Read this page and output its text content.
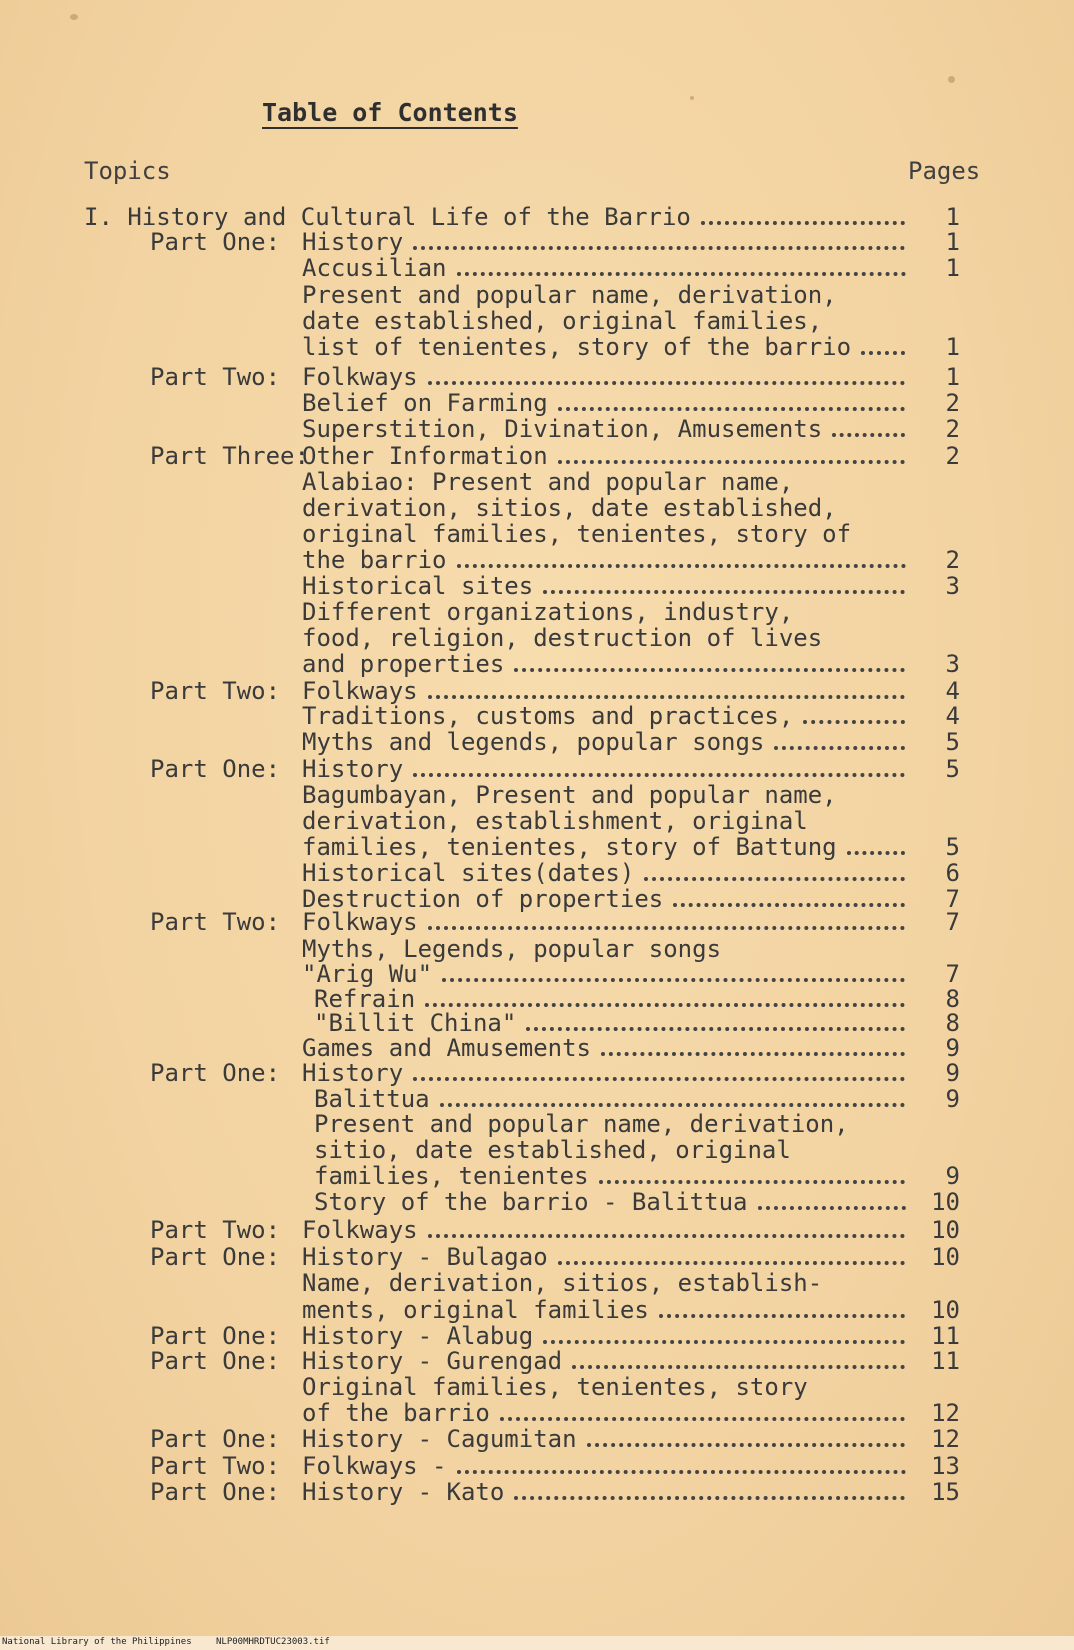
Table of Contents
Topics	Pages
I. History and Cultural Life of the Barrio	1
Part One: History	1
Accusilian	1
Present and popular name, derivation,
date established, original families,
list of tenientes, story of the barrio	1
Part Two: Folkways	1
Belief on Farming	2
Superstition, Divination, Amusements	2
Part Three:
Other Information	2
Alabiao: Present and popular name,
derivation, sitios, date established,
original families, tenientes, story of
the barrio	2
Historical sites	3
Different organizations, industry,
food, religion, destruction of lives
and properties	3
Part Two: Folkways	4
Traditions, customs and practices,	4
Myths and legends, popular songs	5
Part One: History	5
Bagumbayan, Present and popular name,
derivation, establishment, original
families, tenientes, story of Battung	5
Historical sites(dates)	6
Destruction of properties	7
Part Two: Folkways	7
Myths, Legends, popular songs
"Arig Wu"	7
Refrain	8
"Billit China"	8
Games and Amusements	9
Part One: History	9
Balittua	9
Present and popular name, derivation,
sitio, date established, original
families, tenientes	9
Story of the barrio - Balittua	10
Part Two: Folkways	10
Part One: History - Bulagao	10
Name, derivation, sitios, establish-
ments, original families	10
Part One: History - Alabug	11
Part One: History - Gurengad	11
Original families, tenientes, story
of the barrio	12
Part One: History - Cagumitan	12
Part Two: Folkways -	13
Part One: History - Kato	15
National Library of the Philippines	NLP00MHRDTUC23003.tif
